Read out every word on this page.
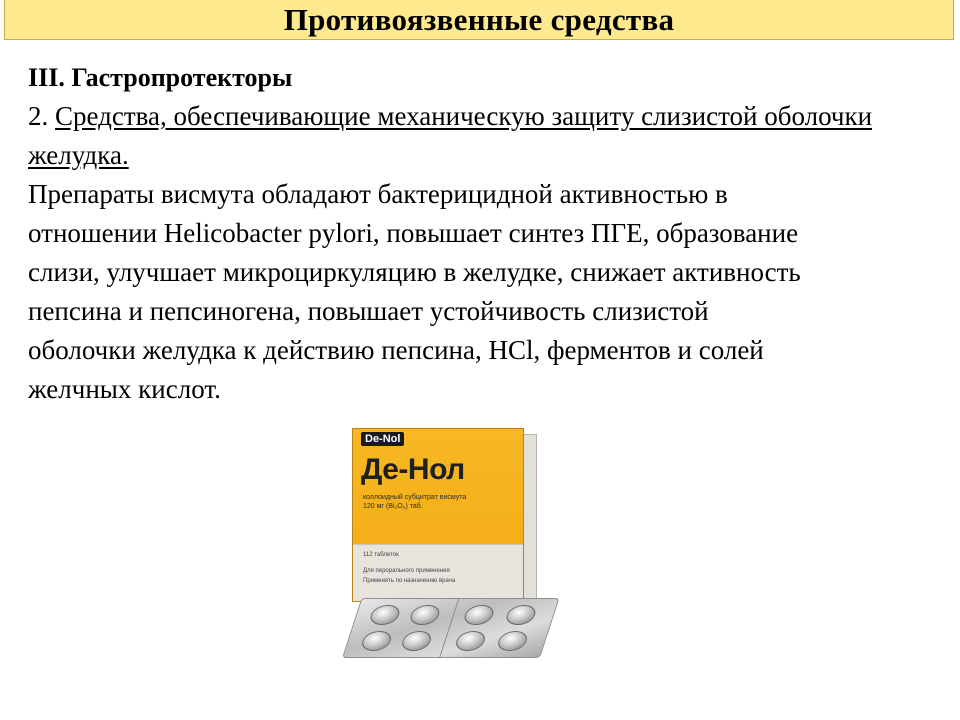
Противоязвенные средства

III. Гастропротекторы

2. Средства, обеспечивающие механическую защиту слизистой оболочки желудка.

Препараты висмута обладают бактерицидной активностью в

отношении Helicobacter pylori, повышает синтез ПГЕ, образование

слизи, улучшает микроциркуляцию в желудке, снижает активность

пепсина и пепсиногена, повышает устойчивость слизистой

оболочки желудка к действию пепсина, HCl, ферментов и солей

желчных кислот.

De-Nol
Де-Нол
коллоидный субцитрат висмута
120 мг (Bi₂O₃) таб.
112 таблеток
Для перорального применения
Применять по назначению врача
